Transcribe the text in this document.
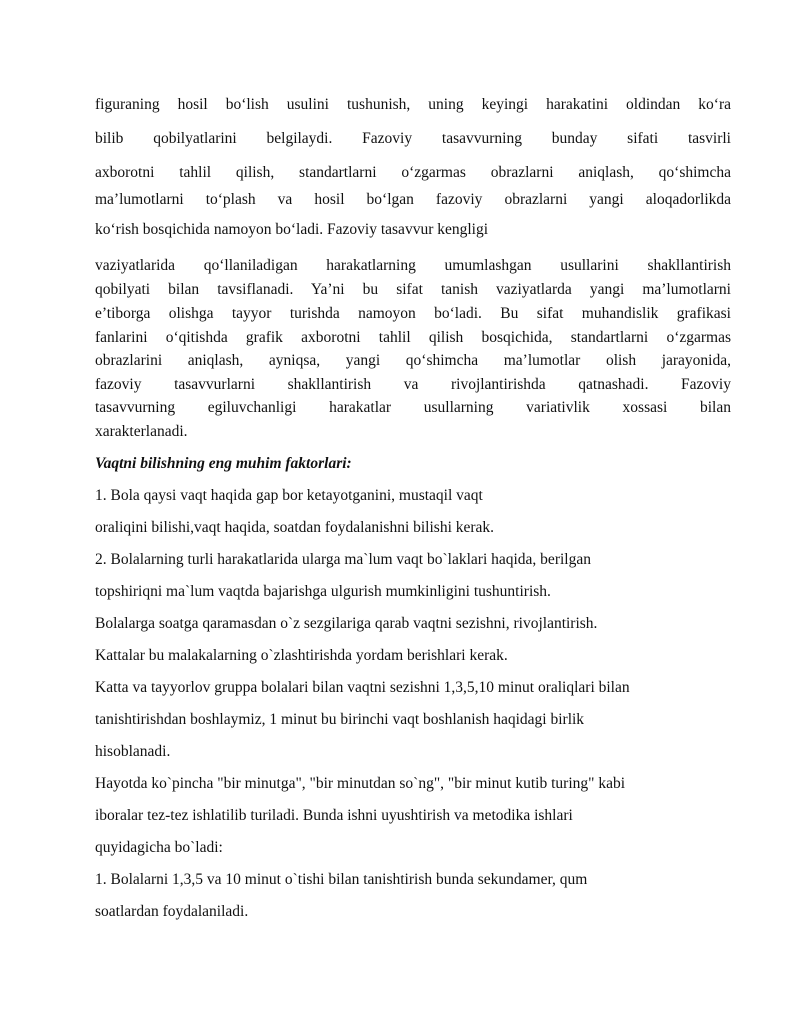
figuraning hosil bo‘lish usulini tushunish, uning keyingi harakatini oldindan ko‘ra
bilib qobilyatlarini belgilaydi. Fazoviy tasavvurning bunday sifati tasvirli
axborotni tahlil qilish, standartlarni o‘zgarmas obrazlarni aniqlash, qo‘shimcha
ma’lumotlarni to‘plash va hosil bo‘lgan fazoviy obrazlarni yangi aloqadorlikda
ko‘rish bosqichida namoyon bo‘ladi. Fazoviy tasavvur kengligi
vaziyatlarida qo‘llaniladigan harakatlarning umumlashgan usullarini shakllantirish
qobilyati bilan tavsiflanadi. Ya’ni bu sifat tanish vaziyatlarda yangi ma’lumotlarni
e’tiborga olishga tayyor turishda namoyon bo‘ladi. Bu sifat muhandislik grafikasi
fanlarini o‘qitishda grafik axborotni tahlil qilish bosqichida, standartlarni o‘zgarmas
obrazlarini aniqlash, ayniqsa, yangi qo‘shimcha ma’lumotlar olish jarayonida,
fazoviy tasavvurlarni shakllantirish va rivojlantirishda qatnashadi. Fazoviy
tasavvurning egiluvchanligi harakatlar usullarning variativlik xossasi bilan
xarakterlanadi.
Vaqtni bilishning eng muhim faktorlari:
1. Bola qaysi vaqt haqida gap bor ketayotganini, mustaqil vaqt
oraliqini bilishi,vaqt haqida, soatdan foydalanishni bilishi kerak.
2. Bolalarning turli harakatlarida ularga ma`lum vaqt bo`laklari haqida, berilgan
topshiriqni ma`lum vaqtda bajarishga ulgurish mumkinligini tushuntirish.
Bolalarga soatga qaramasdan o`z sezgilariga qarab vaqtni sezishni, rivojlantirish.
Kattalar bu malakalarning o`zlashtirishda yordam berishlari kerak.
Katta va tayyorlov gruppa bolalari bilan vaqtni sezishni 1,3,5,10 minut oraliqlari bilan
tanishtirishdan boshlaymiz, 1 minut bu birinchi vaqt boshlanish haqidagi birlik
hisoblanadi.
Hayotda ko`pincha "bir minutga", "bir minutdan so`ng", "bir minut kutib turing" kabi
iboralar tez-tez ishlatilib turiladi. Bunda ishni uyushtirish va metodika ishlari
quyidagicha bo`ladi:
1. Bolalarni 1,3,5 va 10 minut o`tishi bilan tanishtirish bunda sekundamer, qum
soatlardan foydalaniladi.
